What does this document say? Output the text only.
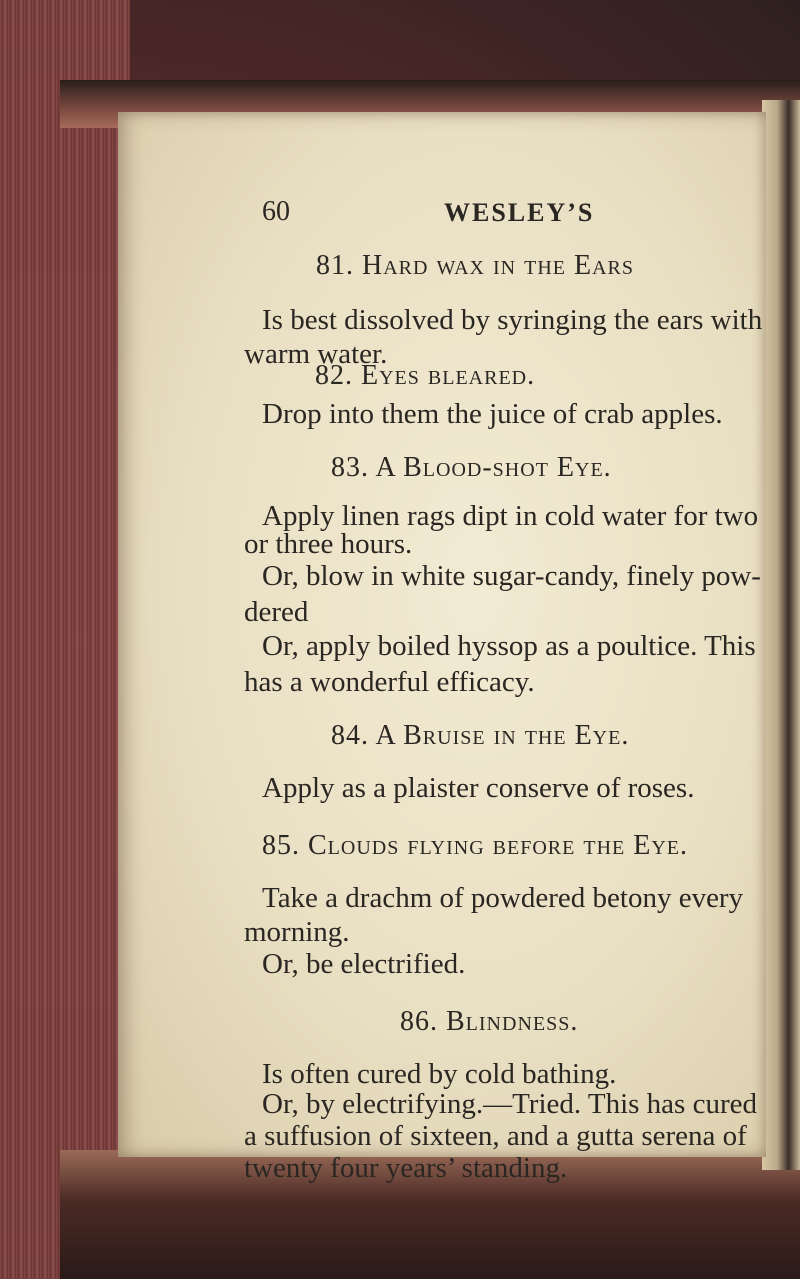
60	WESLEY’S
81. Hard wax in the Ears
Is best dissolved by syringing the ears with
warm water.
82. Eyes bleared.
Drop into them the juice of crab apples.
83. A Blood-shot Eye.
Apply linen rags dipt in cold water for two
or three hours.
Or, blow in white sugar-candy, finely pow-
dered
Or, apply boiled hyssop as a poultice. This
has a wonderful efficacy.
84. A Bruise in the Eye.
Apply as a plaister conserve of roses.
85. Clouds flying before the Eye.
Take a drachm of powdered betony every
morning.
Or, be electrified.
86. Blindness.
Is often cured by cold bathing.
Or, by electrifying.—Tried. This has cured
a suffusion of sixteen, and a gutta serena of
twenty four years’ standing.
